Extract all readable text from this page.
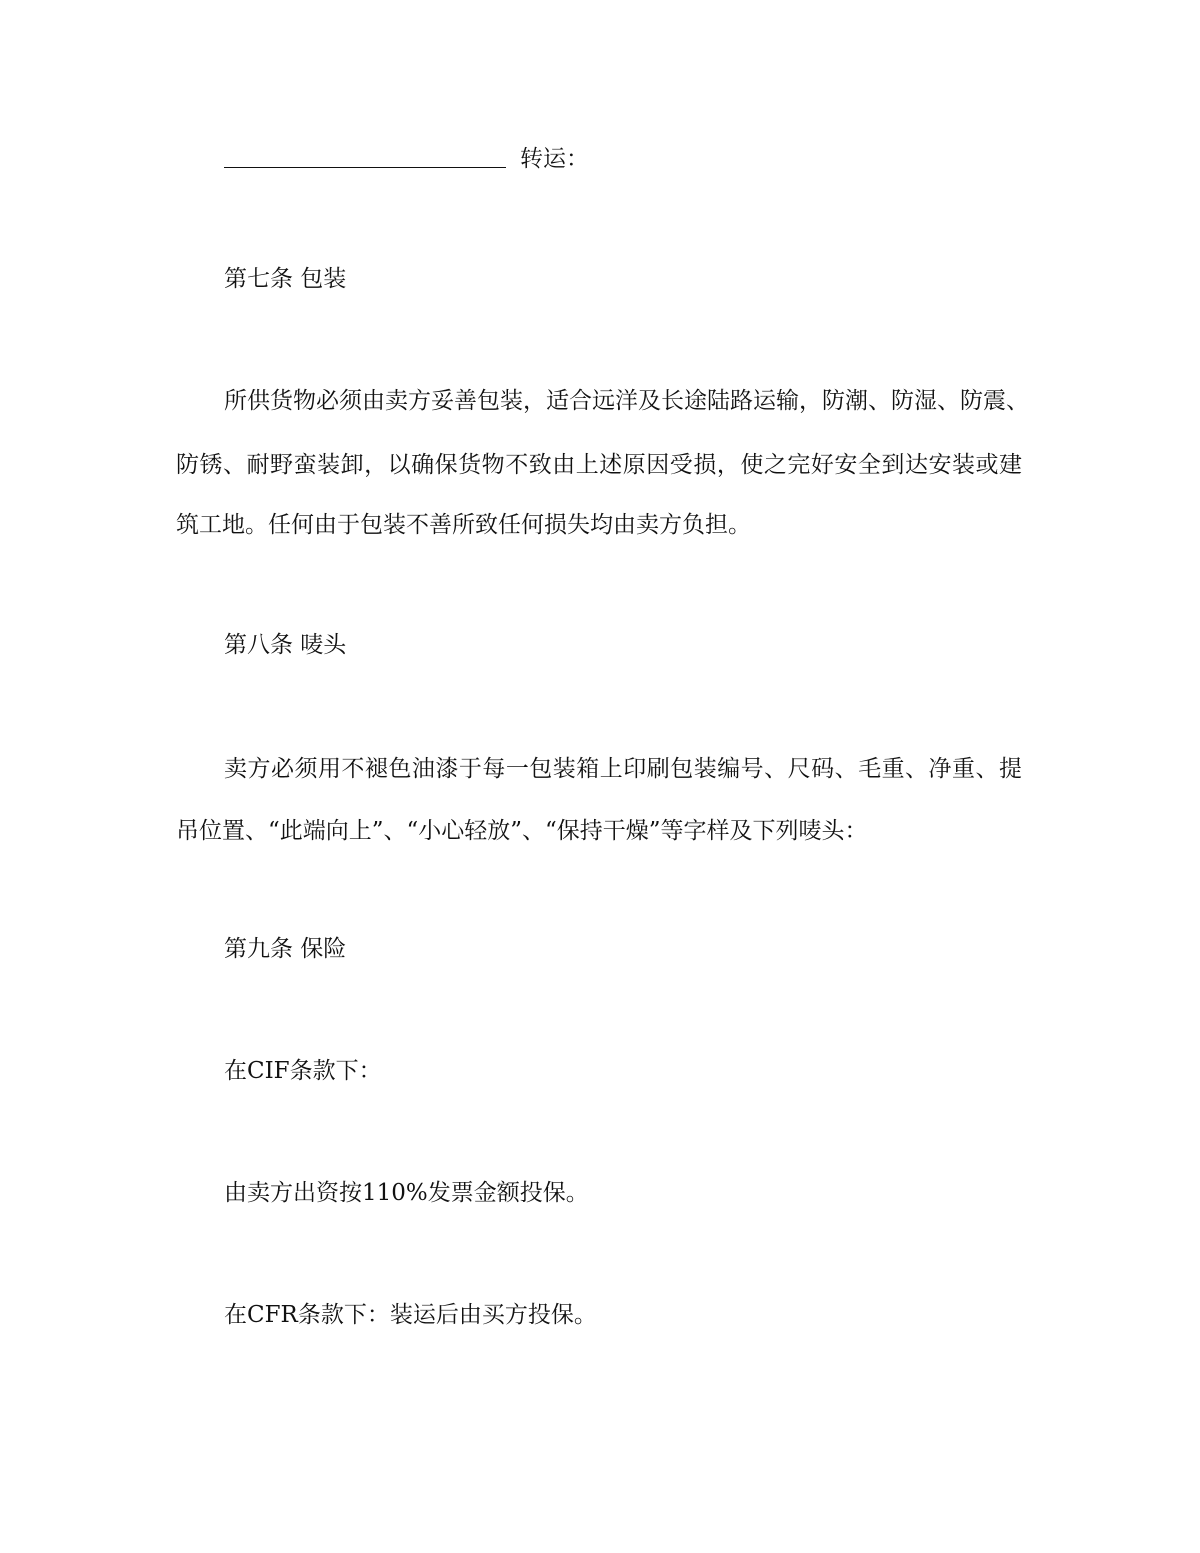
转运：
第七条 包装
所供货物必须由卖方妥善包装，适合远洋及长途陆路运输，防潮、防湿、防震、
防锈、耐野蛮装卸，以确保货物不致由上述原因受损，使之完好安全到达安装或建
筑工地。任何由于包装不善所致任何损失均由卖方负担。
第八条 唛头
卖方必须用不褪色油漆于每一包装箱上印刷包装编号、尺码、毛重、净重、提
吊位置、“此端向上”、“小心轻放”、“保持干燥”等字样及下列唛头：
第九条 保险
在CIF条款下：
由卖方出资按110%发票金额投保。
在CFR条款下：装运后由买方投保。
